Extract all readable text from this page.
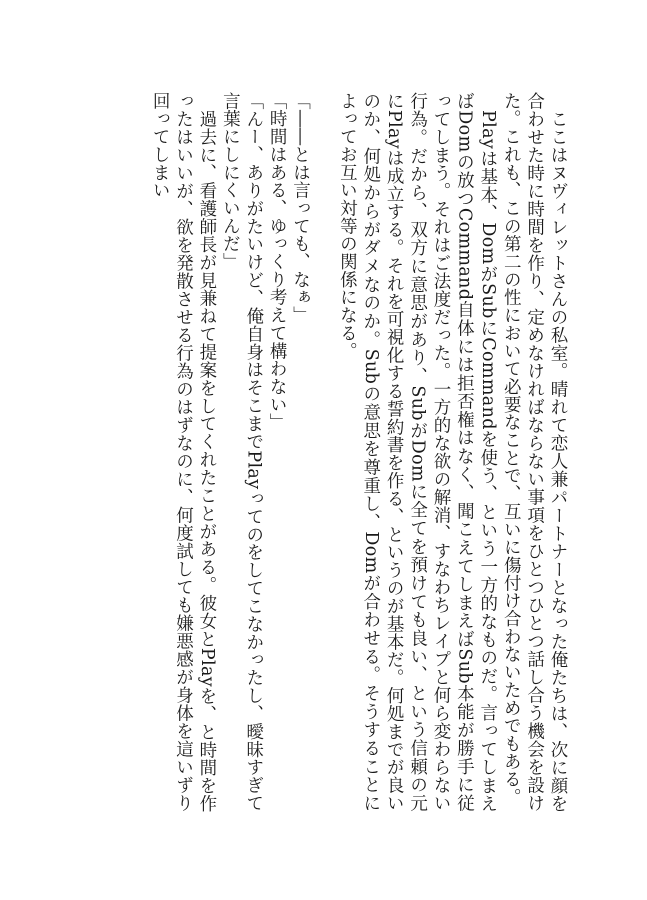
ここはヌヴィレットさんの私室。晴れて恋人兼パートナーとなった俺たちは、次に顔を合わせた時に時間を作り、定めなければならない事項をひとつひとつ話し合う機会を設けた。これも、この第二の性において必要なことで、互いに傷付け合わないためでもある。

Playは基本、DomがSubにCommandを使う、という一方的なものだ。言ってしまえばDomの放つCommand自体には拒否権はなく、聞こえてしまえばSub本能が勝手に従ってしまう。それはご法度だった。一方的な欲の解消、すなわちレイプと何ら変わらない行為。だから、双方に意思があり、SubがDomに全てを預けても良い、という信頼の元にPlayは成立する。それを可視化する誓約書を作る、というのが基本だ。何処までが良いのか、何処からがダメなのか。Subの意思を尊重し、Domが合わせる。そうすることによってお互い対等の関係になる。

「――とは言っても、なぁ」

「時間はある、ゆっくり考えて構わない」

「んー、ありがたいけど、俺自身はそこまでPlayってのをしてこなかったし、曖昧すぎて言葉にしにくいんだ」

過去に、看護師長が見兼ねて提案をしてくれたことがある。彼女とPlayを、と時間を作ったはいいが、欲を発散させる行為のはずなのに、何度試しても嫌悪感が身体を這いずり回ってしまい
